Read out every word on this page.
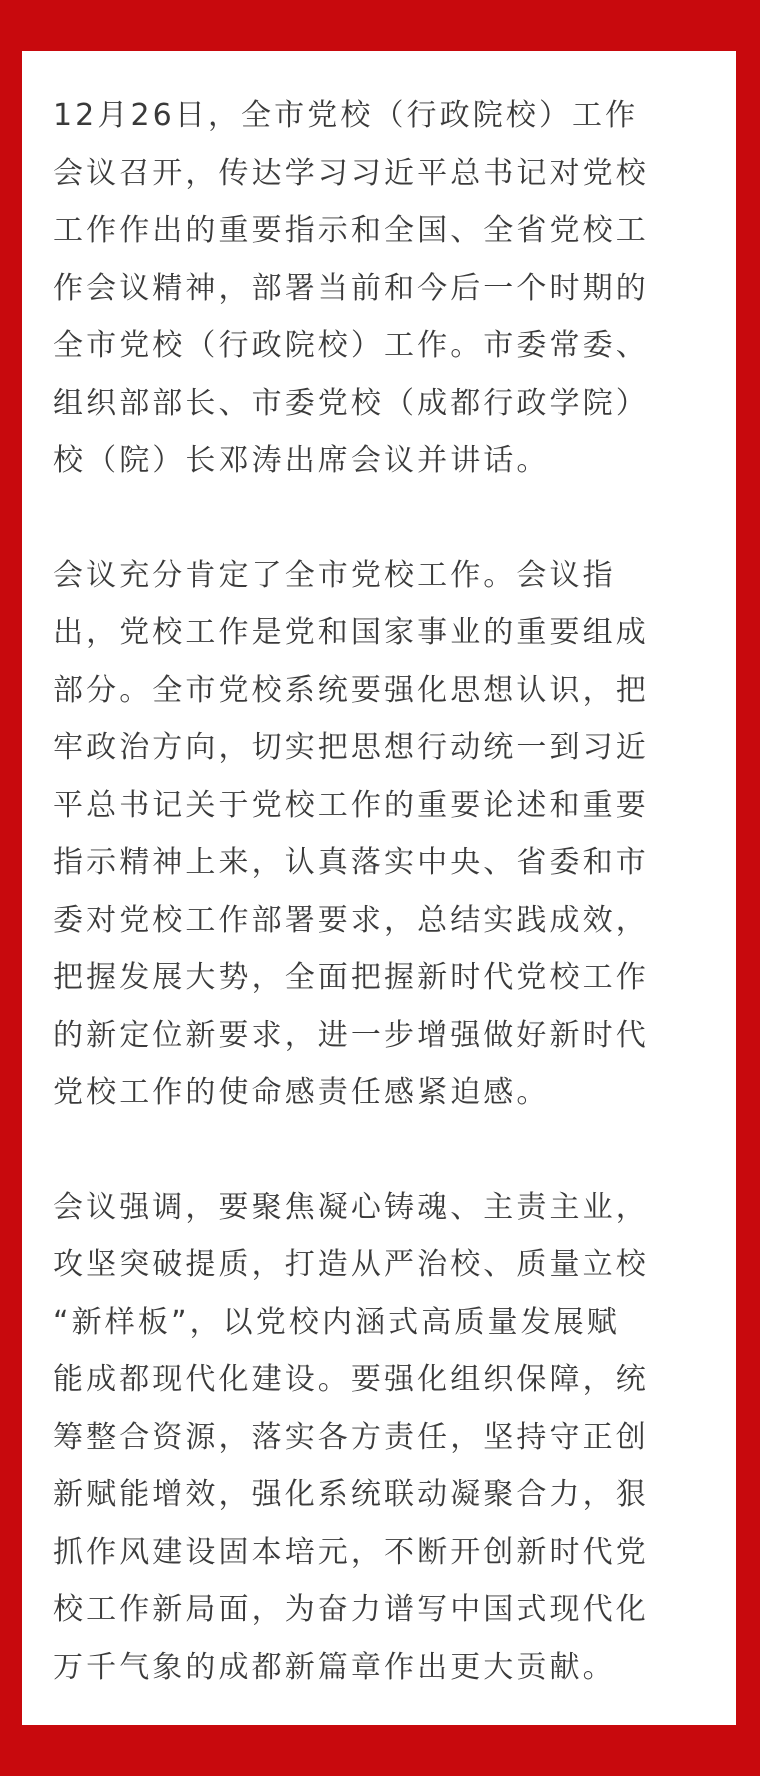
12月26日，全市党校（行政院校）工作
会议召开，传达学习习近平总书记对党校
工作作出的重要指示和全国、全省党校工
作会议精神，部署当前和今后一个时期的
全市党校（行政院校）工作。市委常委、
组织部部长、市委党校（成都行政学院）
校（院）长邓涛出席会议并讲话。

会议充分肯定了全市党校工作。会议指
出，党校工作是党和国家事业的重要组成
部分。全市党校系统要强化思想认识，把
牢政治方向，切实把思想行动统一到习近
平总书记关于党校工作的重要论述和重要
指示精神上来，认真落实中央、省委和市
委对党校工作部署要求，总结实践成效，
把握发展大势，全面把握新时代党校工作
的新定位新要求，进一步增强做好新时代
党校工作的使命感责任感紧迫感。

会议强调，要聚焦凝心铸魂、主责主业，
攻坚突破提质，打造从严治校、质量立校
“新样板”，以党校内涵式高质量发展赋
能成都现代化建设。要强化组织保障，统
筹整合资源，落实各方责任，坚持守正创
新赋能增效，强化系统联动凝聚合力，狠
抓作风建设固本培元，不断开创新时代党
校工作新局面，为奋力谱写中国式现代化
万千气象的成都新篇章作出更大贡献。
